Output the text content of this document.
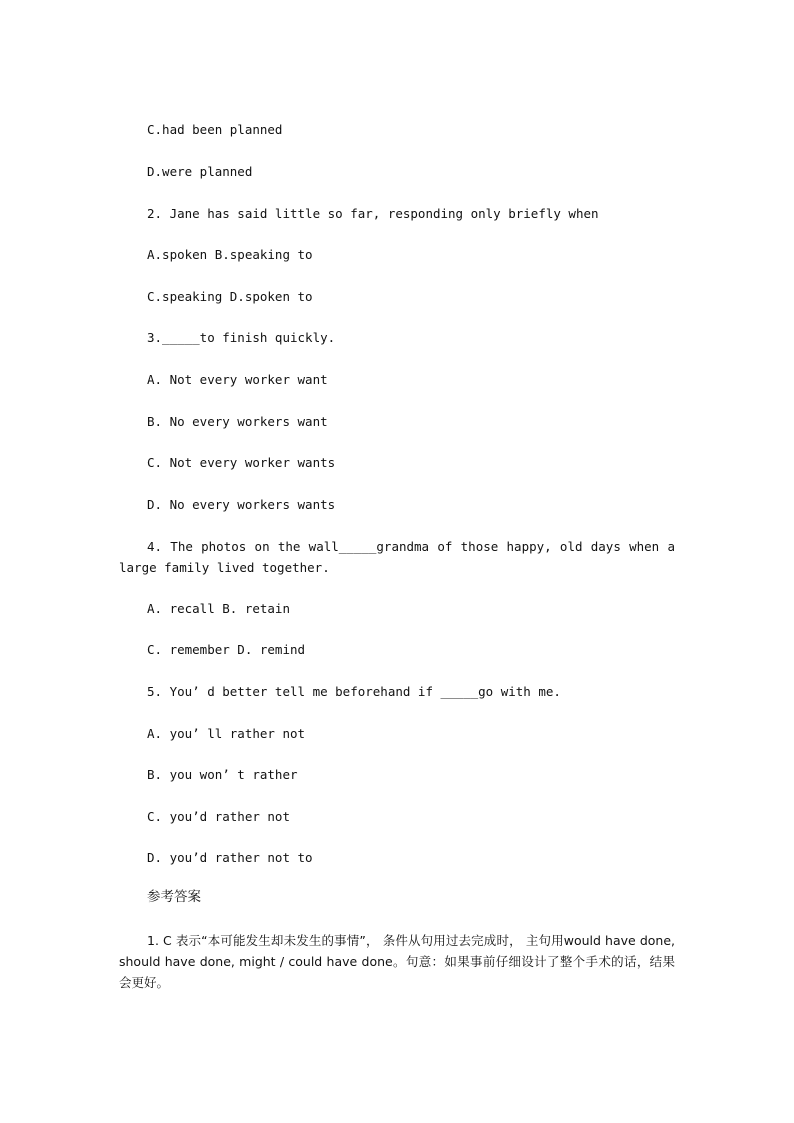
C.had been planned
D.were planned
2. Jane has said little so far, responding only briefly when
A.spoken B.speaking to
C.speaking D.spoken to
3._____to finish quickly.
A. Not every worker want
B. No every workers want
C. Not every worker wants
D. No every workers wants
4. The photos on the wall_____grandma of those happy, old days when a large family lived together.
A. recall B. retain
C. remember D. remind
5. You’ d better tell me beforehand if _____go with me.
A. you’ ll rather not
B. you won’ t rather
C. you’d rather not
D. you’d rather not to
参考答案
1. C 表示“本可能发生却未发生的事情”， 条件从句用过去完成时， 主句用would have done, should have done, might / could have done。句意：如果事前仔细设计了整个手术的话，结果会更好。
